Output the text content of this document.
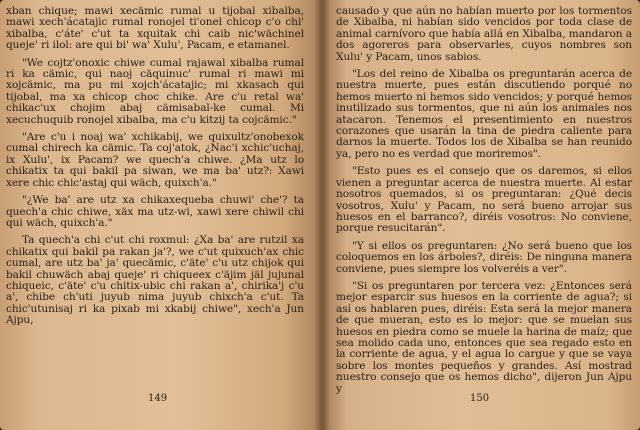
xban chique; mawi xecämic rumal u tijobal xibalba, mawi xech'ácatajic rumal ronojel ti'onel chicop c'o chi' xibalba, c'áte' c'ut ta xquitak chi caib nic'wächinel queje' ri ilol: are qui bi' wa' Xulu', Pacam, e etamanel.

"We cojtz'onoxic chiwe cumal rajawal xibalba rumal ri ka cämic, qui naoj cäquinuc' rumal ri mawi mi xojcämic, ma pu mi xojch'ácatajic; mi xkasach qui tijobal, ma xa chicop choc chike. Are c'u retal wa' chikac'ux chojim abaj cämisabal-ke cumal. Mi xecuchuquib ronojel xibalba, ma c'u kitzij ta cojcämic."

"Are c'u i noaj wa' xchikabij, we quixultz'onobexok cumal chirech ka cämic. Ta coj'atok, ¿Nac'i xchic'uchaj, ix Xulu', ix Pacam? we quech'a chiwe. ¿Ma utz lo chikatix ta qui bakil pa siwan, we ma ba' utz?: Xawi xere chic chic'astaj qui wäch, quixch'a."

"¿We ba' are utz xa chikaxequeba chuwi' che'? ta quech'a chic chiwe, xäx ma utz-wi, xawi xere chiwil chi qui wäch, quixch'a."

Ta quech'a chi c'ut chi roxmul: ¿Xa ba' are rutzil xa chikatix qui bakil pa rakan ja'?, we c'ut quixuch'ax chic cumal, are utz ba' ja' quecämic, c'äte' c'u utz chijok qui bakil chuwäch abaj queje' ri chiqueex c'äjim jäl jujunal chiqueic, c'äte' c'u chitix-ubic chi rakan a', chirika'j c'u a', chibe ch'uti juyub nima juyub chixch'a c'ut. Ta chic'utunisaj ri ka pixab mi xkabij chiwe", xech'a Jun Ajpu,

149

causado y que aún no habían muerto por los tormentos de Xibalba, ni habían sido vencidos por toda clase de animal carnívoro que había allá en Xibalba, mandaron a dos agoreros para observarles, cuyos nombres son Xulu' y Pacam, unos sabios.

"Los del reino de Xibalba os preguntarán acerca de nuestra muerte, pues están discutiendo porqué no hemos muerto ni hemos sido vencidos; y porqué hemos inutilizado sus tormentos, que ni aún los animales nos atacaron. Tenemos el presentimiento en nuestros corazones que usarán la tina de piedra caliente para darnos la muerte. Todos los de Xibalba se han reunido ya, pero no es verdad que moriremos".

"Esto pues es el consejo que os daremos, si ellos vienen a preguntar acerca de nuestra muerte. Al estar nosotros quemados, si os preguntaran: ¿Qué decis vosotros, Xulu' y Pacam, no será bueno arrojar sus huesos en el barranco?, diréis vosotros: No conviene, porque resucitarán".

"Y si ellos os preguntaren: ¿No será bueno que los coloquemos en los árboles?, diréis: De ninguna manera conviene, pues siempre los volveréis a ver".

"Si os preguntaren por tercera vez: ¿Entonces será mejor esparcir sus huesos en la corriente de agua?; si así os hablaren pues, diréis: Esta será la mejor manera de que mueran, esto es lo mejor: que se muelan sus huesos en piedra como se muele la harina de maíz; que sea molido cada uno, entonces que sea regado esto en la corriente de agua, y el agua lo cargue y que se vaya sobre los montes pequeños y grandes. Así mostrad nuestro consejo que os hemos dicho", dijeron Jun Ajpu y

150
